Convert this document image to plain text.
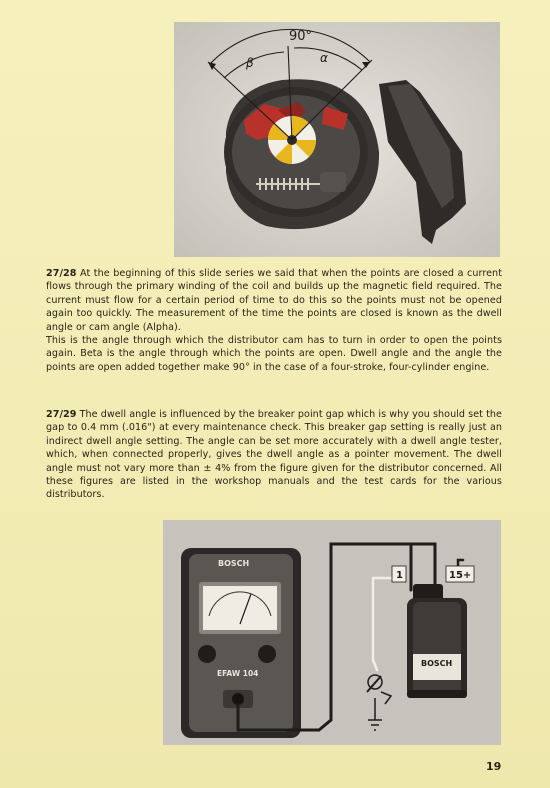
90°
β	α

27/28 At the beginning of this slide series we said that when the points are closed a current flows through the primary winding of the coil and builds up the magnetic field required. The current must flow for a certain period of time to do this so the points must not be opened again too quickly. The measurement of the time the points are closed is known as the dwell angle or cam angle (Alpha).

This is the angle through which the distributor cam has to turn in order to open the points again. Beta is the angle through which the points are open. Dwell angle and the angle the points are open added together make 90° in the case of a four-stroke, four-cylinder engine.

27/29 The dwell angle is influenced by the breaker point gap which is why you should set the gap to 0.4 mm (.016") at every maintenance check. This breaker gap setting is really just an indirect dwell angle setting. The angle can be set more accurately with a dwell angle tester, which, when connected properly, gives the dwell angle as a pointer movement. The dwell angle must not vary more than ± 4% from the figure given for the distributor concerned. All these figures are listed in the workshop manuals and the test cards for the various distributors.

BOSCH
EFAW 104
1	15+
BOSCH
19
